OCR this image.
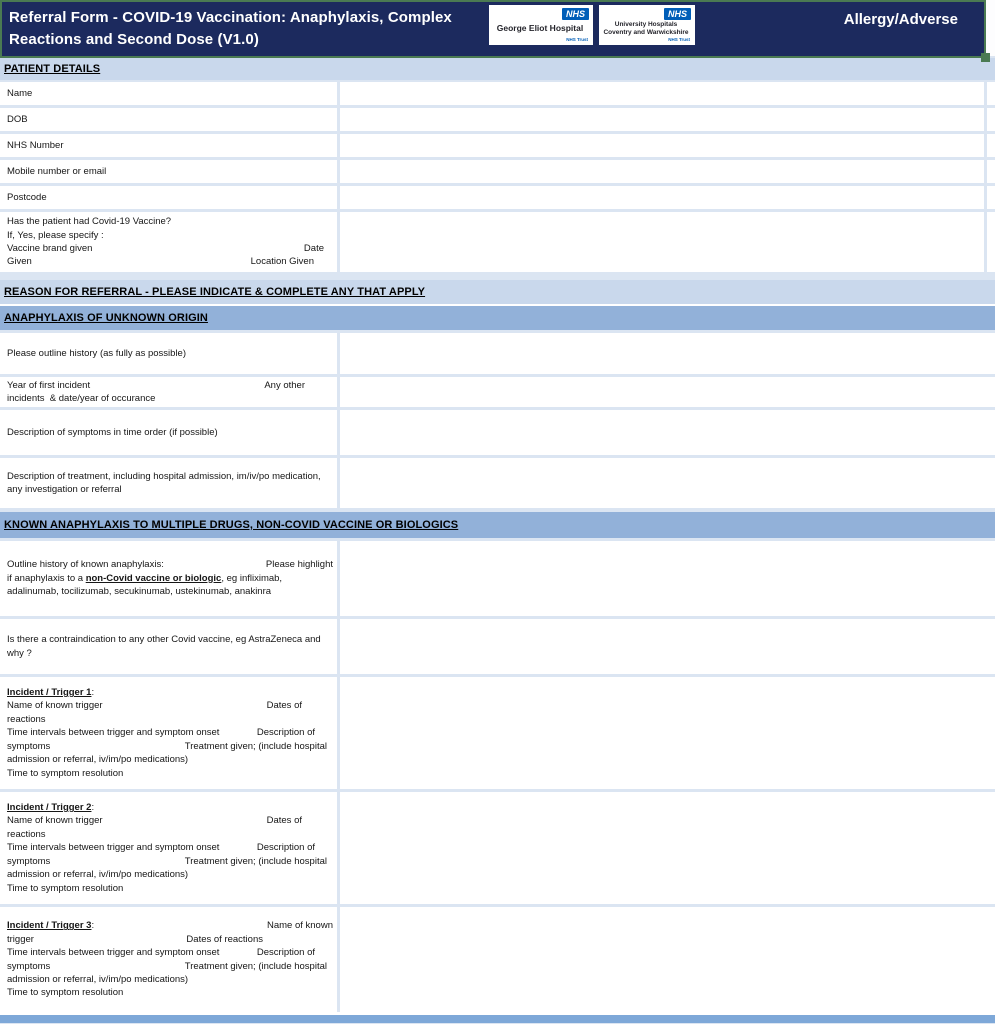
Referral Form - COVID-19 Vaccination: Anaphylaxis, Complex Reactions and Second Dose (V1.0)
Allergy/Adverse
NHS
George Eliot Hospital
NHS Trust
NHS
University Hospitals
Coventry and Warwickshire
NHS Trust
PATIENT DETAILS
Name
DOB
NHS Number
Mobile number or email
Postcode
Has the patient had Covid-19 Vaccine?
If, Yes, please specify :
Vaccine brand given	Date
Given	Location Given
REASON FOR REFERRAL - PLEASE INDICATE & COMPLETE ANY THAT APPLY
ANAPHYLAXIS OF UNKNOWN ORIGIN
Please outline history (as fully as possible)
Year of first incident	Any other
incidents  & date/year of occurance
Description of symptoms in time order (if possible)
Description of treatment, including hospital admission, im/iv/po medication, any investigation or referral
KNOWN ANAPHYLAXIS TO MULTIPLE DRUGS, NON-COVID VACCINE OR BIOLOGICS
Outline history of known anaphylaxis:	Please highlight
if anaphylaxis to a non-Covid vaccine or biologic, eg infliximab, adalinumab, tocilizumab, secukinumab, ustekinumab, anakinra
Is there a contraindication to any other Covid vaccine, eg AstraZeneca and why ?
Incident / Trigger 1:
Name of known trigger	Dates of
reactions
Time intervals between trigger and symptom onset	Description of
symptoms	Treatment given; (include hospital
admission or referral, iv/im/po medications)
Time to symptom resolution
Incident / Trigger 2:
Name of known trigger	Dates of
reactions
Time intervals between trigger and symptom onset	Description of
symptoms	Treatment given; (include hospital
admission or referral, iv/im/po medications)
Time to symptom resolution
Incident / Trigger 3:	Name of known
trigger	Dates of reactions
Time intervals between trigger and symptom onset	Description of
symptoms	Treatment given; (include hospital
admission or referral, iv/im/po medications)
Time to symptom resolution
